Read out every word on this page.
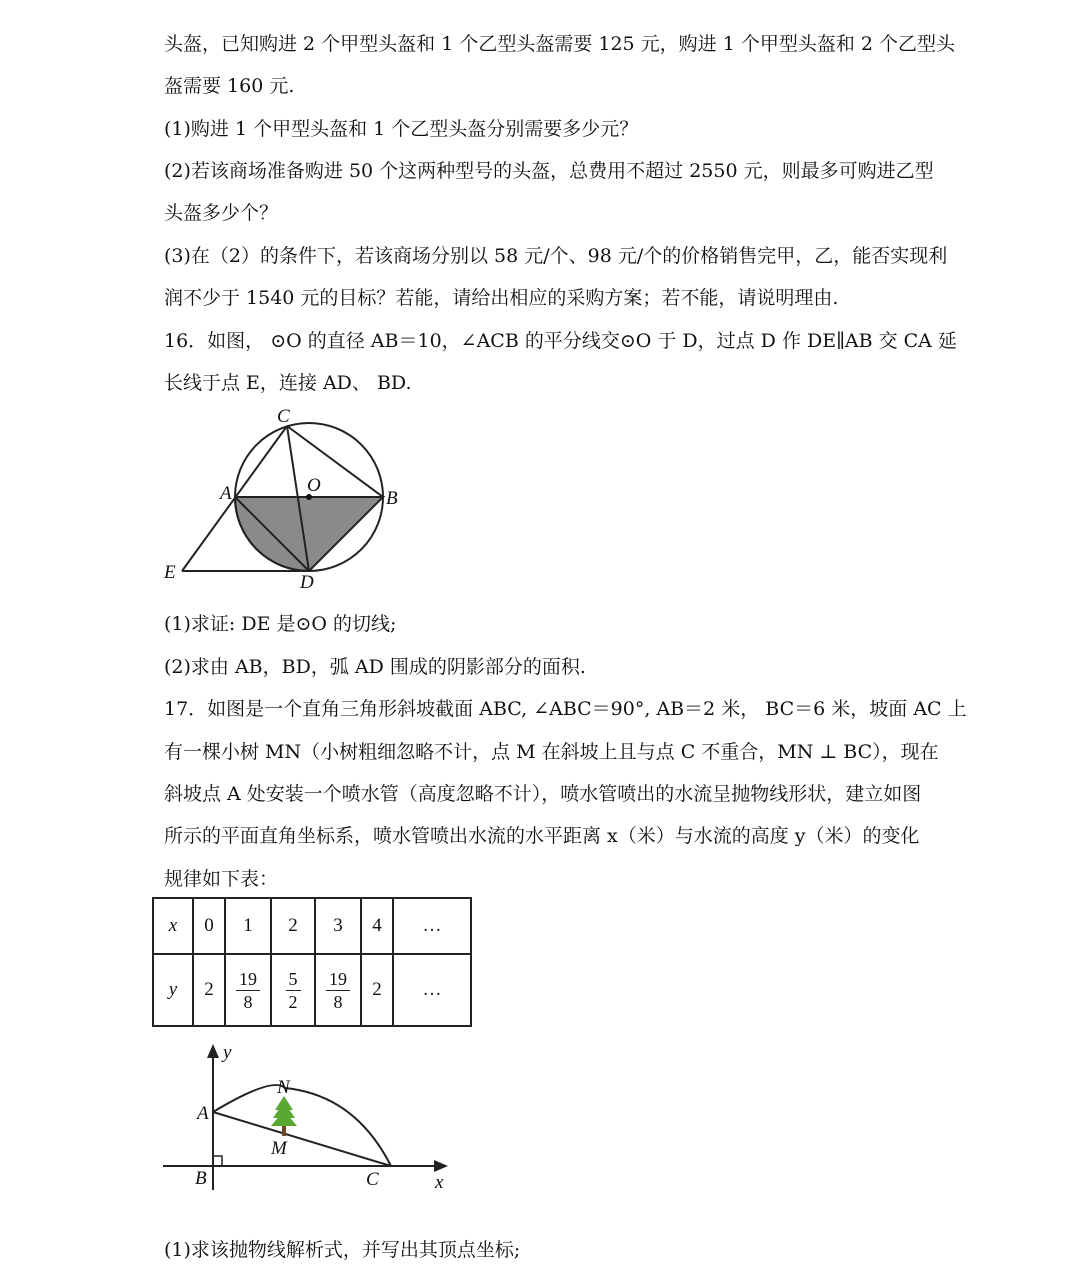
头盔，已知购进 2 个甲型头盔和 1 个乙型头盔需要 125 元，购进 1 个甲型头盔和 2 个乙型头
盔需要 160 元.
(1)购进 1 个甲型头盔和 1 个乙型头盔分别需要多少元？
(2)若该商场准备购进 50 个这两种型号的头盔，总费用不超过 2550 元，则最多可购进乙型
头盔多少个？
(3)在（2）的条件下，若该商场分别以 58 元/个、98 元/个的价格销售完甲，乙，能否实现利
润不少于 1540 元的目标？若能，请给出相应的采购方案；若不能，请说明理由.
16．如图， ⊙O 的直径 AB＝10，∠ACB 的平分线交⊙O 于 D，过点 D 作 DE∥AB 交 CA 延
长线于点 E，连接 AD、 BD.
C
A	O
B
E	D
(1)求证: DE 是⊙O 的切线;
(2)求由 AB，BD，弧 AD 围成的阴影部分的面积.
17．如图是一个直角三角形斜坡截面 ABC, ∠ABC＝90°, AB＝2 米， BC＝6 米，坡面 AC 上
有一棵小树 MN（小树粗细忽略不计，点 M 在斜坡上且与点 C 不重合，MN ⊥ BC），现在
斜坡点 A 处安装一个喷水管（高度忽略不计），喷水管喷出的水流呈抛物线形状，建立如图
所示的平面直角坐标系，喷水管喷出水流的水平距离 x（米）与水流的高度 y（米）的变化
规律如下表：
x	0	1	2	3	4	…
y	2	$\frac{19}{8}$	$\frac{5}{2}$	$\frac{19}{8}$	2	…
y
N
A
M
B	C	x
(1)求该抛物线解析式，并写出其顶点坐标;
